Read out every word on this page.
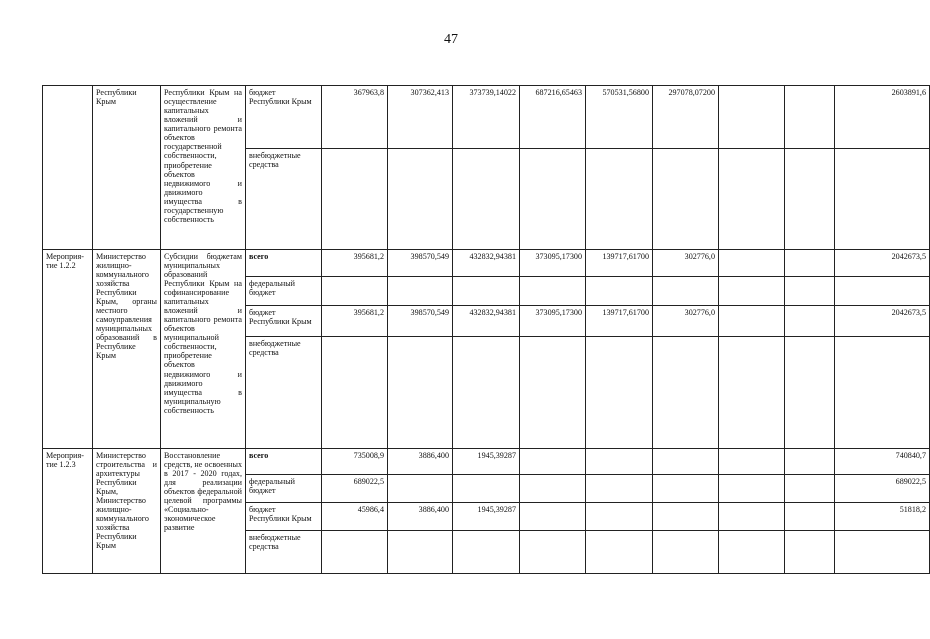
47
	Республики Крым	Республики Крым на осуществление капитальных вложений и капитального ремонта объектов государственной собственности, приобретение объектов недвижимого и движимого имущества в государственную собственность	бюджет Республики Крым	367963,8	307362,413	373739,14022	687216,65463	570531,56800	297078,07200			2603891,6
			внебюджетные средства									
Мероприя-тие 1.2.2	Министерство жилищно-коммунального хозяйства Республики Крым, органы местного самоуправления муниципальных образований в Республике Крым	Субсидии бюджетам муниципальных образований Республики Крым на софинансирование капитальных вложений и капитального ремонта объектов муниципальной собственности, приобретение объектов недвижимого и движимого имущества в муниципальную собственность	всего	395681,2	398570,549	432832,94381	373095,17300	139717,61700	302776,0			2042673,5
			федеральный бюджет									
			бюджет Республики Крым	395681,2	398570,549	432832,94381	373095,17300	139717,61700	302776,0			2042673,5
			внебюджетные средства									
Мероприя-тие 1.2.3	Министерство строительства и архитектуры Республики Крым, Министерство жилищно-коммунального хозяйства Республики Крым	Восстановление средств, не освоенных в 2017 - 2020 годах, для реализации объектов федеральной целевой программы «Социально-экономическое развитие	всего	735008,9	3886,400	1945,39287						740840,7
			федеральный бюджет	689022,5								689022,5
			бюджет Республики Крым	45986,4	3886,400	1945,39287						51818,2
			внебюджетные средства									
